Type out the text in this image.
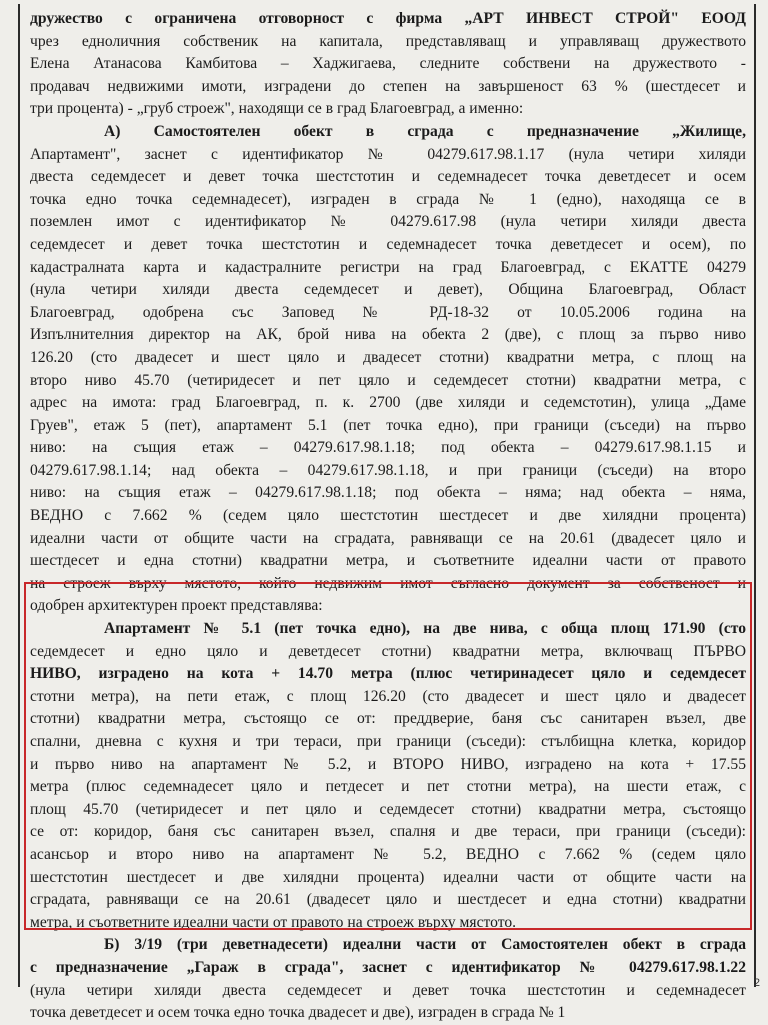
дружество с ограничена отговорност с фирма „АРТ ИНВЕСТ СТРОЙ" ЕООД
чрез едноличния собственик на капитала, представляващ и управляващ дружеството
Елена Атанасова Камбитова – Хаджигаева, следните собствени на дружеството -
продавач недвижими имоти, изградени до степен на завършеност 63 % (шестдесет и
три процента) - „груб строеж", находящи се в град Благоевград, а именно:
А) Самостоятелен обект в сграда с предназначение „Жилище,
Апартамент", заснет с идентификатор № 04279.617.98.1.17 (нула четири хиляди
двеста седемдесет и девет точка шестстотин и седемнадесет точка деветдесет и осем
точка едно точка седемнадесет), изграден в сграда № 1 (едно), находяща се в
поземлен имот с идентификатор № 04279.617.98 (нула четири хиляди двеста
седемдесет и девет точка шестстотин и седемнадесет точка деветдесет и осем), по
кадастралната карта и кадастралните регистри на град Благоевград, с ЕКАТТЕ 04279
(нула четири хиляди двеста седемдесет и девет), Община Благоевград, Област
Благоевград, одобрена със Заповед № РД-18-32 от 10.05.2006 година на
Изпълнителния директор на АК, брой нива на обекта 2 (две), с площ за първо ниво
126.20 (сто двадесет и шест цяло и двадесет стотни) квадратни метра, с площ на
второ ниво 45.70 (четиридесет и пет цяло и седемдесет стотни) квадратни метра, с
адрес на имота: град Благоевград, п. к. 2700 (две хиляди и седемстотин), улица „Даме
Груев", етаж 5 (пет), апартамент 5.1 (пет точка едно), при граници (съседи) на първо
ниво: на същия етаж – 04279.617.98.1.18; под обекта – 04279.617.98.1.15 и
04279.617.98.1.14; над обекта – 04279.617.98.1.18, и при граници (съседи) на второ
ниво: на същия етаж – 04279.617.98.1.18; под обекта – няма; над обекта – няма,
ВЕДНО с 7.662 % (седем цяло шестстотин шестдесет и две хилядни процента)
идеални части от общите части на сградата, равняващи се на 20.61 (двадесет цяло и
шестдесет и една стотни) квадратни метра, и съответните идеални части от правото
на строеж върху мястото, който недвижим имот съгласно документ за собственост и
одобрен архитектурен проект представлява:
Апартамент № 5.1 (пет точка едно), на две нива, с обща площ 171.90 (сто
седемдесет и едно цяло и деветдесет стотни) квадратни метра, включващ ПЪРВО
НИВО, изградено на кота + 14.70 метра (плюс четиринадесет цяло и седемдесет
стотни метра), на пети етаж, с площ 126.20 (сто двадесет и шест цяло и двадесет
стотни) квадратни метра, състоящо се от: преддверие, баня със санитарен възел, две
спални, дневна с кухня и три тераси, при граници (съседи): стълбищна клетка, коридор
и първо ниво на апартамент № 5.2, и ВТОРО НИВО, изградено на кота + 17.55
метра (плюс седемнадесет цяло и петдесет и пет стотни метра), на шести етаж, с
площ 45.70 (четиридесет и пет цяло и седемдесет стотни) квадратни метра, състоящо
се от: коридор, баня със санитарен възел, спалня и две тераси, при граници (съседи):
асансьор и второ ниво на апартамент № 5.2, ВЕДНО с 7.662 % (седем цяло
шестстотин шестдесет и две хилядни процента) идеални части от общите части на
сградата, равняващи се на 20.61 (двадесет цяло и шестдесет и една стотни) квадратни
метра, и съответните идеални части от правото на строеж върху мястото.
Б) 3/19 (три деветнадесети) идеални части от Самостоятелен обект в сграда
с предназначение „Гараж в сграда", заснет с идентификатор № 04279.617.98.1.22
(нула четири хиляди двеста седемдесет и девет точка шестстотин и седемнадесет
точка деветдесет и осем точка едно точка двадесет и две), изграден в сграда № 1
2
